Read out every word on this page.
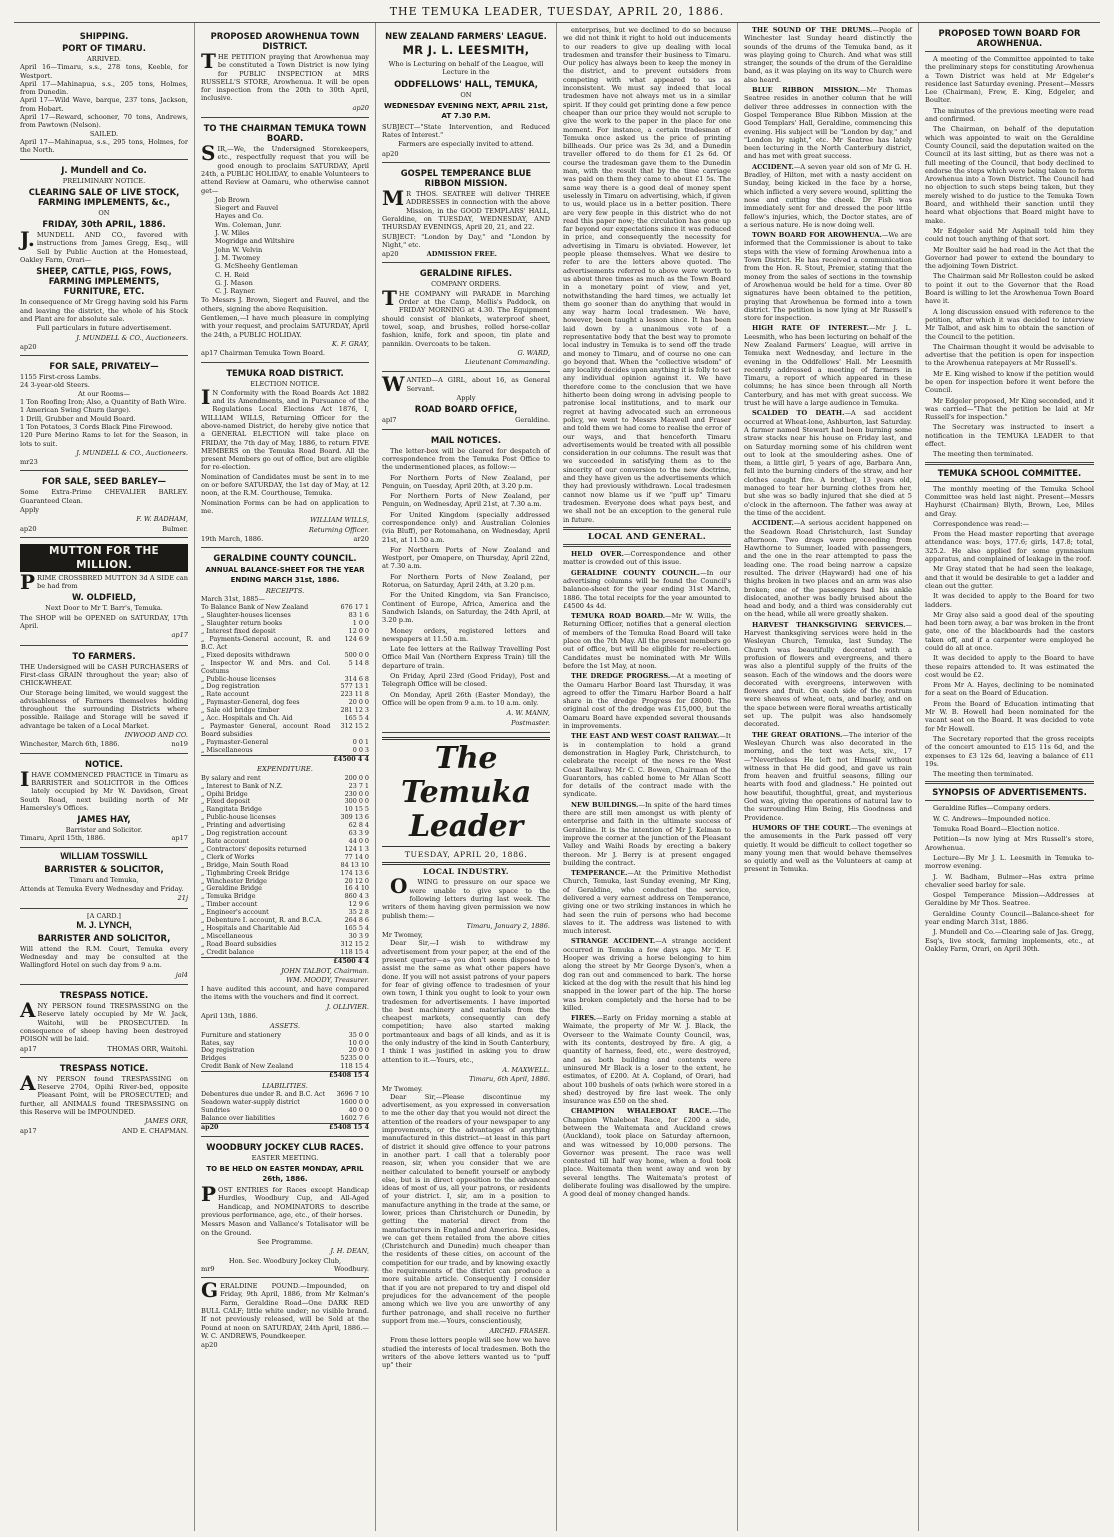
THE TEMUKA LEADER, TUESDAY, APRIL 20, 1886.
SHIPPING.
PORT OF TIMARU.
ARRIVED.
April 16—Timaru, s.s., 278 tons, Keeble, for Westport.
April 17—Mahinapua, s.s., 205 tons, Holmes, from Dunedin.
April 17—Wild Wave, barque, 237 tons, Jackson, from Hobart.
April 17—Reward, schooner, 70 tons, Andrews, from Pawtown (Nelson).
SAILED.
April 17—Mahinapua, s.s., 295 tons, Holmes, for the North.
J. Mundell and Co.
PRELIMINARY NOTICE.
CLEARING SALE OF LIVE STOCK, FARMING IMPLEMENTS, &c.,
ON
FRIDAY, 30th APRIL, 1886.
J.MUNDELL AND CO., favored with instructions from James Gregg, Esq., will Sell by Public Auction at the Homestead, Oakley Farm, Orari—
SHEEP, CATTLE, PIGS, FOWS, FARMING IMPLEMENTS, FURNITURE, ETC.
In consequence of Mr Gregg having sold his Farm and leaving the district, the whole of his Stock and Plant are for absolute sale.
Full particulars in future advertisement.
J. MUNDELL & CO., Auctioneers.
ap20
FOR SALE, PRIVATELY—
1155 First-cross Lambs.
24 3-year-old Steers.
At our Rooms—
1 Ton Roofing Iron; Also, a Quantity of Bath Wire.
1 American Swing Churn (large).
1 Drill, Grubber and Mould Board.
1 Ton Potatoes, 3 Cords Black Pine Firewood.
120 Pure Merino Rams to let for the Season, in lots to suit.
J. MUNDELL & CO., Auctioneers.
mr23
FOR SALE, SEED BARLEY—
Some Extra-Prime CHEVALIER BARLEY. Guaranteed Clean.
Apply
F. W. BADHAM,
ap20	Bulmer.
MUTTON FOR THE MILLION.
PRIME CROSSBRED MUTTON 3d A SIDE can be had from
W. OLDFIELD,
Next Door to Mr T. Barr's, Temuka.
The SHOP will be OPENED on SATURDAY, 17th April.
ap17
TO FARMERS.
THE Undersigned will be CASH PURCHASERS of First-class GRAIN throughout the year; also of CHICK-WHEAT.
Our Storage being limited, we would suggest the advisableness of Farmers themselves holding throughout the surrounding Districts where possible. Railage and Storage will be saved if advantage be taken of a Local Market.
INWOOD AND CO.
Winchester, March 6th, 1886.	no19
NOTICE.
IHAVE COMMENCED PRACTICE in Timaru as BARRISTER and SOLICITOR in the Offices lately occupied by Mr W. Davidson, Great South Road, next building north of Mr Hamersley's Offices.
JAMES HAY,
Barrister and Solicitor.
Timaru, April 15th, 1886.	ap17
WILLIAM TOSSWILL
BARRISTER & SOLICITOR,
Timaru and Temuka,
Attends at Temuka Every Wednesday and Friday.
21j
[A CARD.]
M. J. LYNCH,
BARRISTER AND SOLICITOR,
Will attend the R.M. Court, Temuka every Wednesday and may be consulted at the Wallingford Hotel on such day from 9 a.m.
jal4
TRESPASS NOTICE.
ANY PERSON found TRESPASSING on the Reserve lately occupied by Mr W. Jack, Waitohi, will be PROSECUTED. In consequence of sheep having been destroyed POISON will be laid.
ap17	THOMAS ORR, Waitohi.
TRESPASS NOTICE.
ANY PERSON found TRESPASSING on Reserve 2704, Opihi River-bed, opposite Pleasant Point, will be PROSECUTED; and further, all ANIMALS found TRESPASSING on this Reserve will be IMPOUNDED.
JAMES ORR,
ap17	AND E. CHAPMAN.
PROPOSED AROWHENUA TOWN DISTRICT.
THE PETITION praying that Arowhenua may be constituted a Town District is now lying for PUBLIC INSPECTION at MRS RUSSELL'S STORE, Arowhenua. It will be open for inspection from the 20th to 30th April, inclusive.
ap20
TO THE CHAIRMAN TEMUKA TOWN BOARD.
SIR,—We, the Undersigned Storekeepers, etc., respectfully request that you will be good enough to proclaim SATURDAY, April 24th, a PUBLIC HOLIDAY, to enable Volunteers to attend Review at Oamaru, who otherwise cannot get—
Job Brown
Siegert and Fauvel
Hayes and Co.
Wm. Coleman, Junr.
J. W. Miles
Mogridge and Wiltshire
John W. Velvin
J. M. Twomey
G. McSheehy Gentleman
C. H. Reid
G. J. Mason
C. J. Rayner.
To Messrs J. Brown, Siegert and Fauvel, and the others, signing the above Requisition.
Gentlemen,—I have much pleasure in complying with your request, and proclaim SATURDAY, April the 24th, a PUBLIC HOLIDAY.
K. F. GRAY,
ap17 Chairman Temuka Town Board.
TEMUKA ROAD DISTRICT.
ELECTION NOTICE.
IN Conformity with the Road Boards Act 1882 and its Amendments, and in Pursuance of the Regulations Local Elections Act 1876, I, WILLIAM WILLS, Returning Officer for the above-named District, do hereby give notice that a GENERAL ELECTION will take place on FRIDAY, the 7th day of May, 1886, to return FIVE MEMBERS on the Temuka Road Board. All the present Members go out of office, but are eligible for re-election.
Nomination of Candidates must be sent in to me on or before SATURDAY, the 1st day of May, at 12 noon, at the R.M. Courthouse, Temuka.
Nomination Forms can be had on application to me.
WILLIAM WILLS,
Returning Officer.
19th March, 1886.	ar20
GERALDINE COUNTY COUNCIL.
ANNUAL BALANCE-SHEET FOR THE YEAR ENDING MARCH 31st, 1886.
RECEIPTS.
March 31st, 1885—	
To Balance Bank of New Zealand	676 17 1
„ Slaughter-houses licenses	83 1 6
„ Slaughter return books	1 0 0
„ Interest fixed deposit	12 0 0
„ Payments-General account, R. and B.C. Act	124 6 9
„ Fixed deposits withdrawn	500 0 0
„ Inspector W. and Mrs. and Col. Costums	5 14 8
„ Public-house licenses	314 6 8
„ Dog registration	577 13 1
„ Rate account	223 11 8
„ Paymaster-General, dog fees	20 0 0
„ Sale old bridge timber	281 12 3
„ Acc. Hospitals and Ch. Aid	165 5 4
„ Paymaster General, account Road Board subsidies	312 15 2
„ Paymaster-General	0 0 1
„ Miscellaneous	0 0 3
	£4500 4 4
EXPENDITURE.
By salary and rent	200 0 0
„ Interest to Bank of N.Z.	23 7 1
„ Opihi Bridge	230 0 0
„ Fixed deposit	300 0 0
„ Rangitata Bridge	10 15 5
„ Public-house licenses	309 13 6
„ Printing and advertising	62 8 4
„ Dog registration account	63 3 9
„ Rate account	44 0 0
„ Contractors' deposits returned	124 1 3
„ Clerk of Works	77 14 0
„ Bridge, Main South Road	84 13 10
„ Tighmbring Creek Bridge	174 13 6
„ Winchester Bridge	20 12 0
„ Geraldine Bridge	16 4 10
„ Temuka Bridge	860 4 3
„ Timber account	12 9 6
„ Engineer's account	35 2 8
„ Debenture I. account, R. and B.C.A.	264 8 6
„ Hospitals and Charitable Aid	165 5 4
„ Miscellaneous	30 3 9
„ Road Board subsidies	312 15 2
„ Credit balance	118 15 4
	£4500 4 4
JOHN TALBOT, Chairman.
WM. MOODY, Treasurer.
I have audited this account, and have compared the items with the vouchers and find it correct.
J. OLLIVIER.
April 13th, 1886.
ASSETS.
Furniture and stationery	35 0 0
Rates, say	10 0 0
Dog registration	20 0 0
Bridges	5235 0 0
Credit Bank of New Zealand	118 15 4
	£5408 15 4
LIABILITIES.
Debentures due under R. and B.C. Act	3696 7 10
Seadown water-supply district	1600 0 0
Sundries	40 0 0
Balance over liabilities	1602 7 6
ap20	£5408 15 4
WOODBURY JOCKEY CLUB RACES.
EASTER MEETING.
TO BE HELD ON EASTER MONDAY, APRIL 26th, 1886.
POST ENTRIES for Races except Handicap Hurdles, Woodbury Cup, and All-Aged Handicap, and NOMINATORS to describe previous performance, age, etc., of their horses.
Messrs Mason and Vallance's Totalisator will be on the Ground.
See Programme.
J. H. DEAN,
Hon. Sec. Woodbury Jockey Club,
mr9	Woodbury.
GERALDINE POUND.—Impounded, on Friday, 9th April, 1886, from Mr Kelman's Farm, Geraldine Road—One DARK RED BULL CALF; little white under; no visible brand. If not previously released, will be Sold at the Pound at noon on SATURDAY, 24th April, 1886.—W. C. ANDREWS, Poundkeeper.
ap20
NEW ZEALAND FARMERS' LEAGUE.
MR J. L. LEESMITH,
Who is Lecturing on behalf of the League, will Lecture in the
ODDFELLOWS' HALL, TEMUKA,
ON
WEDNESDAY EVENING NEXT, APRIL 21st, AT 7.30 P.M.
SUBJECT—"State Intervention, and Reduced Rates of Interest."
Farmers are especially invited to attend.
ap20
GOSPEL TEMPERANCE BLUE RIBBON MISSION.
MR THOS. SEATREE will deliver THREE ADDRESSES in connection with the above Mission, in the GOOD TEMPLARS' HALL, Geraldine, on TUESDAY, WEDNESDAY, AND THURSDAY EVENINGS, April 20, 21, and 22.
SUBJECT: "London by Day," and "London by Night," etc.
ap20	ADMISSION FREE.
GERALDINE RIFLES.
COMPANY ORDERS.
THE COMPANY will PARADE in Marching Order at the Camp, Mellis's Paddock, on FRIDAY MORNING at 4.30. The Equipment should consist of blankets, waterproof sheet, towel, soap, and brushes, rolled horse-collar fashion, knife, fork and spoon, tin plate and pannikin. Overcoats to be taken.
G. WARD,
Lieutenant Commanding.
WANTED—A GIRL, about 16, as General Servant.
Apply
ROAD BOARD OFFICE,
apl7	Geraldine.
MAIL NOTICES.
The letter-box will be cleared for despatch of correspondence from the Temuka Post Office to the undermentioned places, as follow:—
For Northern Ports of New Zealand, per Penguin, on Tuesday, April 20th, at 3.20 p.m.
For Northern Ports of New Zealand, per Penguin, on Wednesday, April 21st, at 7.30 a.m.
For United Kingdom (specially addressed correspondence only) and Australian Colonies (via Bluff), per Rotomahana, on Wednesday, April 21st, at 11.50 a.m.
For Northern Ports of New Zealand and Westport, per Omapere, on Thursday, April 22nd, at 7.30 a.m.
For Northern Ports of New Zealand, per Rotorua, on Saturday, April 24th, at 3.20 p.m.
For the United Kingdom, via San Francisco, Continent of Europe, Africa, America and the Sandwich Islands, on Saturday, the 24th April, at 3.20 p.m.
Money orders, registered letters and newspapers at 11.50 a.m.
Late fee letters at the Railway Travelling Post Office Mail Van (Northern Express Train) till the departure of train.
On Friday, April 23rd (Good Friday), Post and Telegraph Office will be closed.
On Monday, April 26th (Easter Monday), the Office will be open from 9 a.m. to 10 a.m. only.
A. W. MANN,
Postmaster.
The Temuka Leader
TUESDAY, APRIL 20, 1886.
LOCAL INDUSTRY.
OWING to pressure on our space we were unable to give space to the following letters during last week. The writers of them having given permission we now publish them:—
Timaru, January 2, 1886.
Mr Twomey,
Dear Sir,—I wish to withdraw my advertisement from your paper, at the end of the present quarter—as you don't seem disposed to assist me the same as what other papers have done. If you will not assist patrons of your papers for fear of giving offence to tradesmen of your own town, I think you ought to look to your own tradesmen for advertisements. I have imported the best machinery and materials from the cheapest markets, consequently can defy competition; have also started making portmanteaux and bags of all kinds, and as it is the only industry of the kind in South Canterbury, I think I was justified in asking you to draw attention to it.—Yours, etc.,
A. MAXWELL.
Timaru, 6th April, 1886.
Mr Twomey.
Dear Sir,—Please discontinue my advertisement, as you expressed in conversation to me the other day that you would not direct the attention of the readers of your newspaper to any improvements, or the advantages of anything manufactured in this district—at least in this part of district it should give offence to your patrons in another part. I call that a tolerably poor reason, sir, when you consider that we are neither calculated to benefit yourself or anybody else, but is in direct opposition to the advanced ideas of most of us, all your patrons, or residents of your district. I, sir, am in a position to manufacture anything in the trade at the same, or lower, prices than Christchurch or Dunedin, by getting the material direct from the manufacturers in England and America. Besides, we can get them retailed from the above cities (Christchurch and Dunedin) much cheaper than the residents of these cities, on account of the competition for our trade, and by knowing exactly the requirements of the district can produce a more suitable article. Consequently I consider that if you are not prepared to try and dispel old prejudices for the advancement of the people among which we live you are unworthy of any further patronage, and shall receive no further support from me.—Yours, conscientiously,
ARCHD. FRASER.
From these letters people will see how we have studied the interests of local tradesmen. Both the writers of the above letters wanted us to "puff up" their
enterprises, but we declined to do so because we did not think it right to hold out inducements to our readers to give up dealing with local tradesmen and transfer their business to Timaru. Our policy has always been to keep the money in the district, and to prevent outsiders from competing with what appeared to us as inconsistent. We must say indeed that local tradesmen have not always met us in a similar spirit. If they could get printing done a few pence cheaper than our price they would not scruple to give the work to the paper in the place for one moment. For instance, a certain tradesman of Temuka once asked us the price of printing billheads. Our price was 2s 3d, and a Dunedin traveller offered to do them for £1 2s 6d. Of course the tradesman gave them to the Dunedin man, with the result that by the time carriage was paid on them they came to about £1 5s. The same way there is a good deal of money spent uselessly in Timaru on advertising, which, if given to us, would place us in a better position. There are very few people in this district who do not read this paper now; the circulation has gone up far beyond our expectations since it was reduced in price, and consequently the necessity for advertising in Timaru is obviated. However, let people please themselves. What we desire to refer to are the letters above quoted. The advertisements referred to above were worth to us about three times as much as the Town Board in a monetary point of view, and yet, notwithstanding the hard times, we actually let them go sooner than do anything that would in any way harm local tradesmen. We have, however, been taught a lesson since. It has been laid down by a unanimous vote of a representative body that the best way to promote local industry in Temuka is to send off the trade and money to Timaru, and of course no one can go beyond that. When the "collective wisdom" of any locality decides upon anything it is folly to set any individual opinion against it. We have therefore come to the conclusion that we have hitherto been doing wrong in advising people to patronise local institutions, and to mark our regret at having advocated such an erroneous policy, we went to Messrs Maxwell and Fraser and told them we had come to realise the error of our ways, and that henceforth Timaru advertisements would be treated with all possible consideration in our columns. The result was that we succeeded in satisfying them as to the sincerity of our conversion to the new doctrine, and they have given us the advertisements which they had previously withdrawn. Local tradesmen cannot now blame us if we "puff up" Timaru tradesmen. Everyone does what pays best, and we shall not be an exception to the general rule in future.
LOCAL AND GENERAL.
HELD OVER.—Correspondence and other matter is crowded out of this issue.
GERALDINE COUNTY COUNCIL.—In our advertising columns will be found the Council's balance-sheet for the year ending 31st March, 1886. The total receipts for the year amounted to £4500 4s 4d.
TEMUKA ROAD BOARD.—Mr W. Wills, the Returning Officer, notifies that a general election of members of the Temuka Road Board will take place on the 7th May. All the present members go out of office, but will be eligible for re-election. Candidates must be nominated with Mr Wills before the 1st May, at noon.
THE DREDGE PROGRESS.—At a meeting of the Oamaru Harbor Board last Thursday, it was agreed to offer the Timaru Harbor Board a half share in the dredge Progress for £8000. The original cost of the dredge was £15,000, but the Oamaru Board have expended several thousands in improvements.
THE EAST AND WEST COAST RAILWAY.—It is in contemplation to hold a grand demonstration in Hagley Park, Christchurch, to celebrate the receipt of the news re the West Coast Railway. Mr C. C. Bowen, Chairman of the Guarantors, has cabled home to Mr Allan Scott for details of the contract made with the syndicate.
NEW BUILDINGS.—In spite of the hard times there are still men amongst us with plenty of enterprise and faith in the ultimate success of Geraldine. It is the intention of Mr J. Kelman to improve the corner at the junction of the Pleasant Valley and Waihi Roads by erecting a bakery thereon. Mr J. Berry is at present engaged building the contract.
TEMPERANCE.—At the Primitive Methodist Church, Temuka, last Sunday evening, Mr King, of Geraldine, who conducted the service, delivered a very earnest address on Temperance, giving one or two striking instances in which he had seen the ruin of persons who had become slaves to it. The address was listened to with much interest.
STRANGE ACCIDENT.—A strange accident occurred in Temuka a few days ago. Mr T. F. Hooper was driving a horse belonging to him along the street by Mr George Dyson's, when a dog ran out and commenced to bark. The horse kicked at the dog with the result that his hind leg snapped in the lower part of the hip. The horse was broken completely and the horse had to be killed.
FIRES.—Early on Friday morning a stable at Waimate, the property of Mr W. J. Black, the Overseer to the Waimate County Council, was, with its contents, destroyed by fire. A gig, a quantity of harness, feed, etc., were destroyed, and as both building and contents were uninsured Mr Black is a loser to the extent, he estimates, of £200. At A. Copland, of Orari, had about 100 bushels of oats (which were stored in a shed) destroyed by fire last week. The only insurance was £50 on the shed.
CHAMPION WHALEBOAT RACE.—The Champion Whaleboat Race, for £200 a side, between the Waitemata and Auckland crews (Auckland), took place on Saturday afternoon, and was witnessed by 10,000 persons. The Governor was present. The race was well contested till half way home, when a foul took place. Waitemata then went away and won by several lengths. The Waitemata's protest of deliberate fouling was disallowed by the umpire. A good deal of money changed hands.
THE SOUND OF THE DRUMS.—People of Winchester last Sunday heard distinctly the sounds of the drums of the Temuka band, as it was playing going to Church. And what was still stranger, the sounds of the drum of the Geraldine band, as it was playing on its way to Church were also heard.
BLUE RIBBON MISSION.—Mr Thomas Seatree resides in another column that he will deliver three addresses in connection with the Gospel Temperance Blue Ribbon Mission at the Good Templars' Hall, Geraldine, commencing this evening. His subject will be "London by day," and "London by night," etc. Mr Seatree has lately been lecturing in the North Canterbury district, and has met with great success.
ACCIDENT.—A seven year old son of Mr G. H. Bradley, of Hilton, met with a nasty accident on Sunday, being kicked in the face by a horse, which inflicted a very severe wound, splitting the nose and cutting the cheek. Dr Fish was immediately sent for and dressed the poor little fellow's injuries, which, the Doctor states, are of a serious nature. He is now doing well.
TOWN BOARD FOR AROWHENUA.—We are informed that the Commissioner is about to take steps with the view of forming Arowhenua into a Town District. He has received a communication from the Hon. R. Stout, Premier, stating that the money from the sales of sections in the township of Arowhenua would be held for a time. Over 80 signatures have been obtained to the petition, praying that Arowhenua be formed into a town district. The petition is now lying at Mr Russell's store for inspection.
HIGH RATE OF INTEREST.—Mr J. L. Leesmith, who has been lecturing on behalf of the New Zealand Farmers' League, will arrive in Temuka next Wednesday, and lecture in the evening in the Oddfellows' Hall. Mr Leesmith recently addressed a meeting of farmers in Timaru, a report of which appeared in these columns; he has since been through all North Canterbury, and has met with great success. We trust he will have a large audience in Temuka.
SCALDED TO DEATH.—A sad accident occurred at Wheat-lone, Ashburton, last Saturday. A farmer named Stewart had been burning some straw stacks near his house on Friday last, and on Saturday morning some of his children went out to look at the smouldering ashes. One of them, a little girl, 5 years of age, Barbara Ann, fell into the burning cinders of the straw, and her clothes caught fire. A brother, 13 years old, managed to tear her burning clothes from her, but she was so badly injured that she died at 5 o'clock in the afternoon. The father was away at the time of the accident.
ACCIDENT.—A serious accident happened on the Seadown Road Christchurch, last Sunday afternoon. Two drags were proceeding from Hawthorne to Sumner, loaded with passengers, and the one in the rear attempted to pass the leading one. The road being narrow a capsize resulted. The driver (Hayward) had one of his thighs broken in two places and an arm was also broken; one of the passengers had his ankle dislocated, another was badly bruised about the head and body, and a third was considerably cut on the head, while all were greatly shaken.
HARVEST THANKSGIVING SERVICES.—Harvest thanksgiving services were held in the Wesleyan Church, Temuka, last Sunday. The Church was beautifully decorated with a profusion of flowers and evergreens, and there was also a plentiful supply of the fruits of the season. Each of the windows and the doors were decorated with evergreens, interwoven with flowers and fruit. On each side of the rostrum were sheaves of wheat, oats, and barley, and on the space between were floral wreaths artistically set up. The pulpit was also handsomely decorated.
THE GREAT ORATIONS.—The interior of the Wesleyan Church was also decorated in the morning, and the text was Acts, xiv., 17—"Nevertheless He left not Himself without witness in that He did good, and gave us rain from heaven and fruitful seasons, filling our hearts with food and gladness." He pointed out how beautiful, thoughtful, great, and mysterious God was, giving the operations of natural law to the surrounding Him Being, His Goodness and Providence.
HUMORS OF THE COURT.—The evenings at the amusements in the Park passed off very quietly. It would be difficult to collect together so many young men that would behave themselves so quietly and well as the Volunteers at camp at present in Temuka.
PROPOSED TOWN BOARD FOR AROWHENUA.
A meeting of the Committee appointed to take the preliminary steps for constituting Arowhenua a Town District was held at Mr Edgeler's residence last Saturday evening. Present—Messrs Lee (Chairman), Frew, E. King, Edgeler, and Boulter.
The minutes of the previous meeting were read and confirmed.
The Chairman, on behalf of the deputation which was appointed to wait on the Geraldine County Council, said the deputation waited on the Council at its last sitting, but as there was not a full meeting of the Council, that body declined to endorse the steps which were being taken to form Arowhenua into a Town District. The Council had no objection to such steps being taken, but they merely wished to do justice to the Temuka Town Board, and withheld their sanction until they heard what objections that Board might have to make.
Mr Edgeler said Mr Aspinall told him they could not touch anything of that sort.
Mr Boulter said he had read in the Act that the Governor had power to extend the boundary to the adjoining Town District.
The Chairman said Mr Rolleston could be asked to point it out to the Governor that the Road Board is willing to let the Arowhenua Town Board have it.
A long discussion ensued with reference to the petition, after which it was decided to interview Mr Talbot, and ask him to obtain the sanction of the Council to the petition.
The Chairman thought it would be advisable to advertise that the petition is open for inspection to the Arowhenua ratepayers at Mr Russell's.
Mr E. King wished to know if the petition would be open for inspection before it went before the Council.
Mr Edgeler proposed, Mr King seconded, and it was carried—"That the petition be laid at Mr Russell's for inspection."
The Secretary was instructed to insert a notification in the TEMUKA LEADER to that effect.
The meeting then terminated.
TEMUKA SCHOOL COMMITTEE.
The monthly meeting of the Temuka School Committee was held last night. Present—Messrs Hayhurst (Chairman) Blyth, Brown, Lee, Miles and Gray.
Correspondence was read:—
From the Head master reporting that average attendance was: boys, 177.6; girls, 147.8; total, 325.2. He also applied for some gymnasium apparatus, and complained of leakage in the roof.
Mr Gray stated that he had seen the leakage, and that it would be desirable to get a ladder and clean out the gutter.
It was decided to apply to the Board for two ladders.
Mr Gray also said a good deal of the spouting had been torn away, a bar was broken in the front gate, one of the blackboards had the castors taken off, and if a carpenter were employed he could do all at once.
It was decided to apply to the Board to have these repairs attended to. It was estimated the cost would be £2.
From Mr A. Hayes, declining to be nominated for a seat on the Board of Education.
From the Board of Education intimating that Mr W. B. Howell had been nominated for the vacant seat on the Board. It was decided to vote for Mr Howell.
The Secretary reported that the gross receipts of the concert amounted to £15 11s 6d, and the expenses to £3 12s 6d, leaving a balance of £11 19s.
The meeting then terminated.
SYNOPSIS OF ADVERTISEMENTS.
Geraldine Rifles—Company orders.
W. C. Andrews—Impounded notice.
Temuka Road Board—Election notice.
Petition—Is now lying at Mrs Russell's store, Arowhenua.
Lecture—By Mr J. L. Leesmith in Temuka to-morrow evening.
J. W. Badham, Bulmer—Has extra prime chevalier seed barley for sale.
Gospel Temperance Mission—Addresses at Geraldine by Mr Thos. Seatree.
Geraldine County Council—Balance-sheet for year ending March 31st, 1886.
J. Mundell and Co.—Clearing sale of Jas. Gregg, Esq's, live stock, farming implements, etc., at Oakley Farm, Orari, on April 30th.
